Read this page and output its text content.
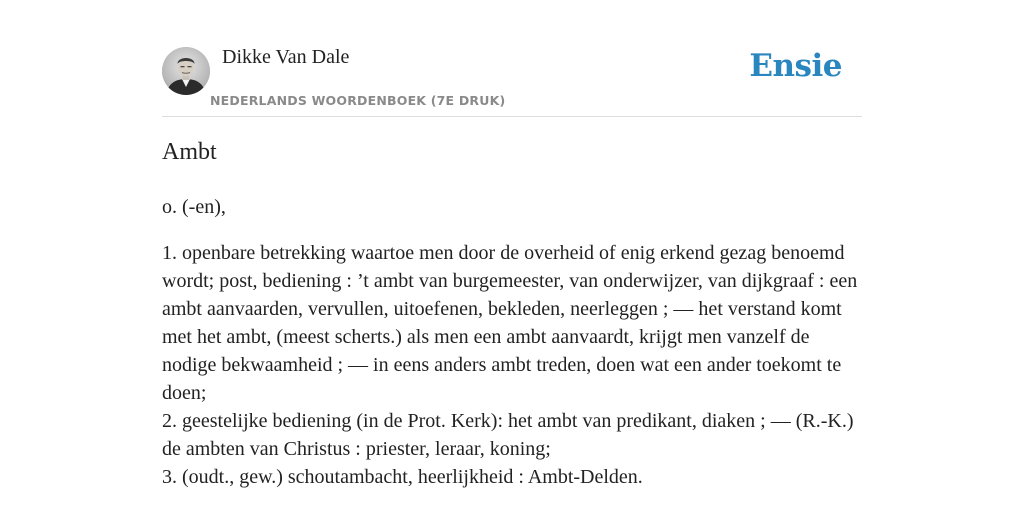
Dikke Van Dale
NEDERLANDS WOORDENBOEK (7E DRUK)
Ensie
Ambt

o. (-en),

1. openbare betrekking waartoe men door de overheid of enig erkend gezag benoemd wordt; post, bediening : ’t ambt van burgemeester, van onderwijzer, van dijkgraaf : een ambt aanvaarden, vervullen, uitoefenen, bekleden, neerleggen ; — het verstand komt met het ambt, (meest scherts.) als men een ambt aanvaardt, krijgt men vanzelf de nodige bekwaamheid ; — in eens anders ambt treden, doen wat een ander toekomt te doen;

2. geestelijke bediening (in de Prot. Kerk): het ambt van predikant, diaken ; — (R.-K.) de ambten van Christus : priester, leraar, koning;

3. (oudt., gew.) schoutambacht, heerlijkheid : Ambt-Delden.
